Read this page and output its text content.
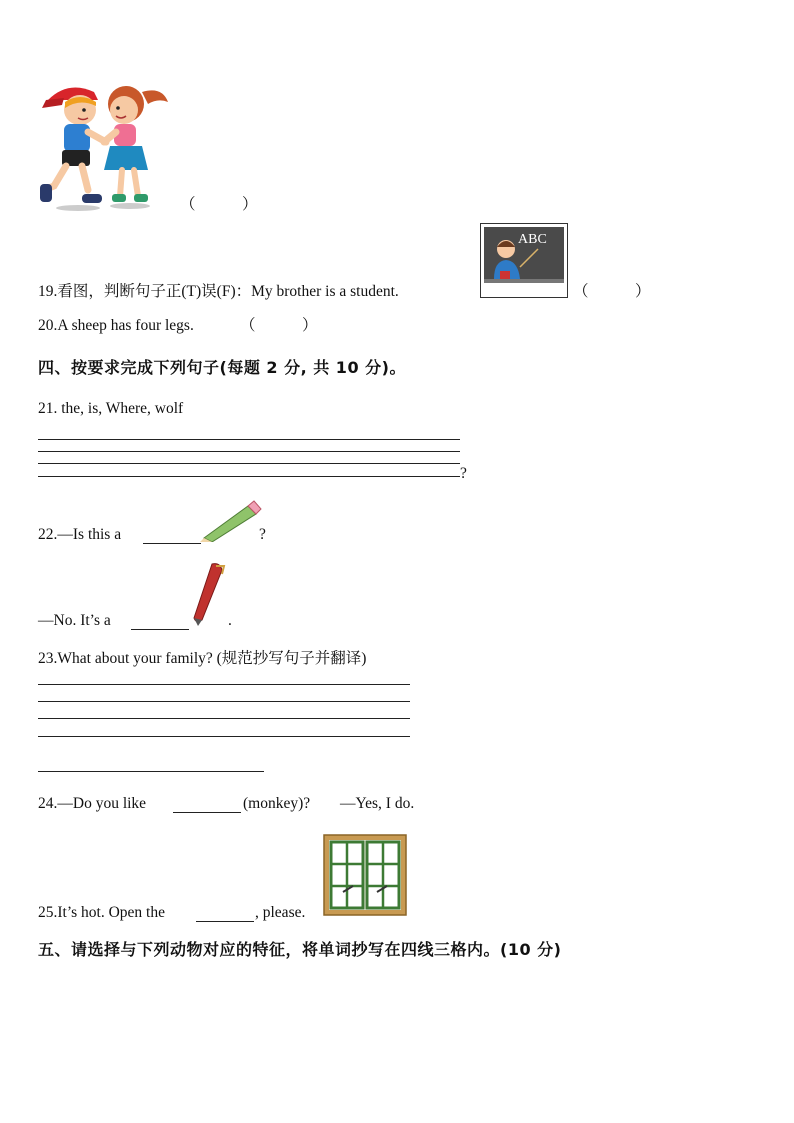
（　　　）
19.看图，判断句子正(T)误(F)：My brother is a student.
ABC
（　　　）
20.A sheep has four legs.	（　　　）
四、按要求完成下列句子(每题 2 分, 共 10 分)。
21. the, is, Where, wolf
?
22.—Is this a	?
—No. It’s a	.
23.What about your family? (规范抄写句子并翻译)
24.—Do you like	(monkey)? —Yes, I do.
25.It’s hot. Open the	, please.
五、请选择与下列动物对应的特征，将单词抄写在四线三格内。(10 分)
